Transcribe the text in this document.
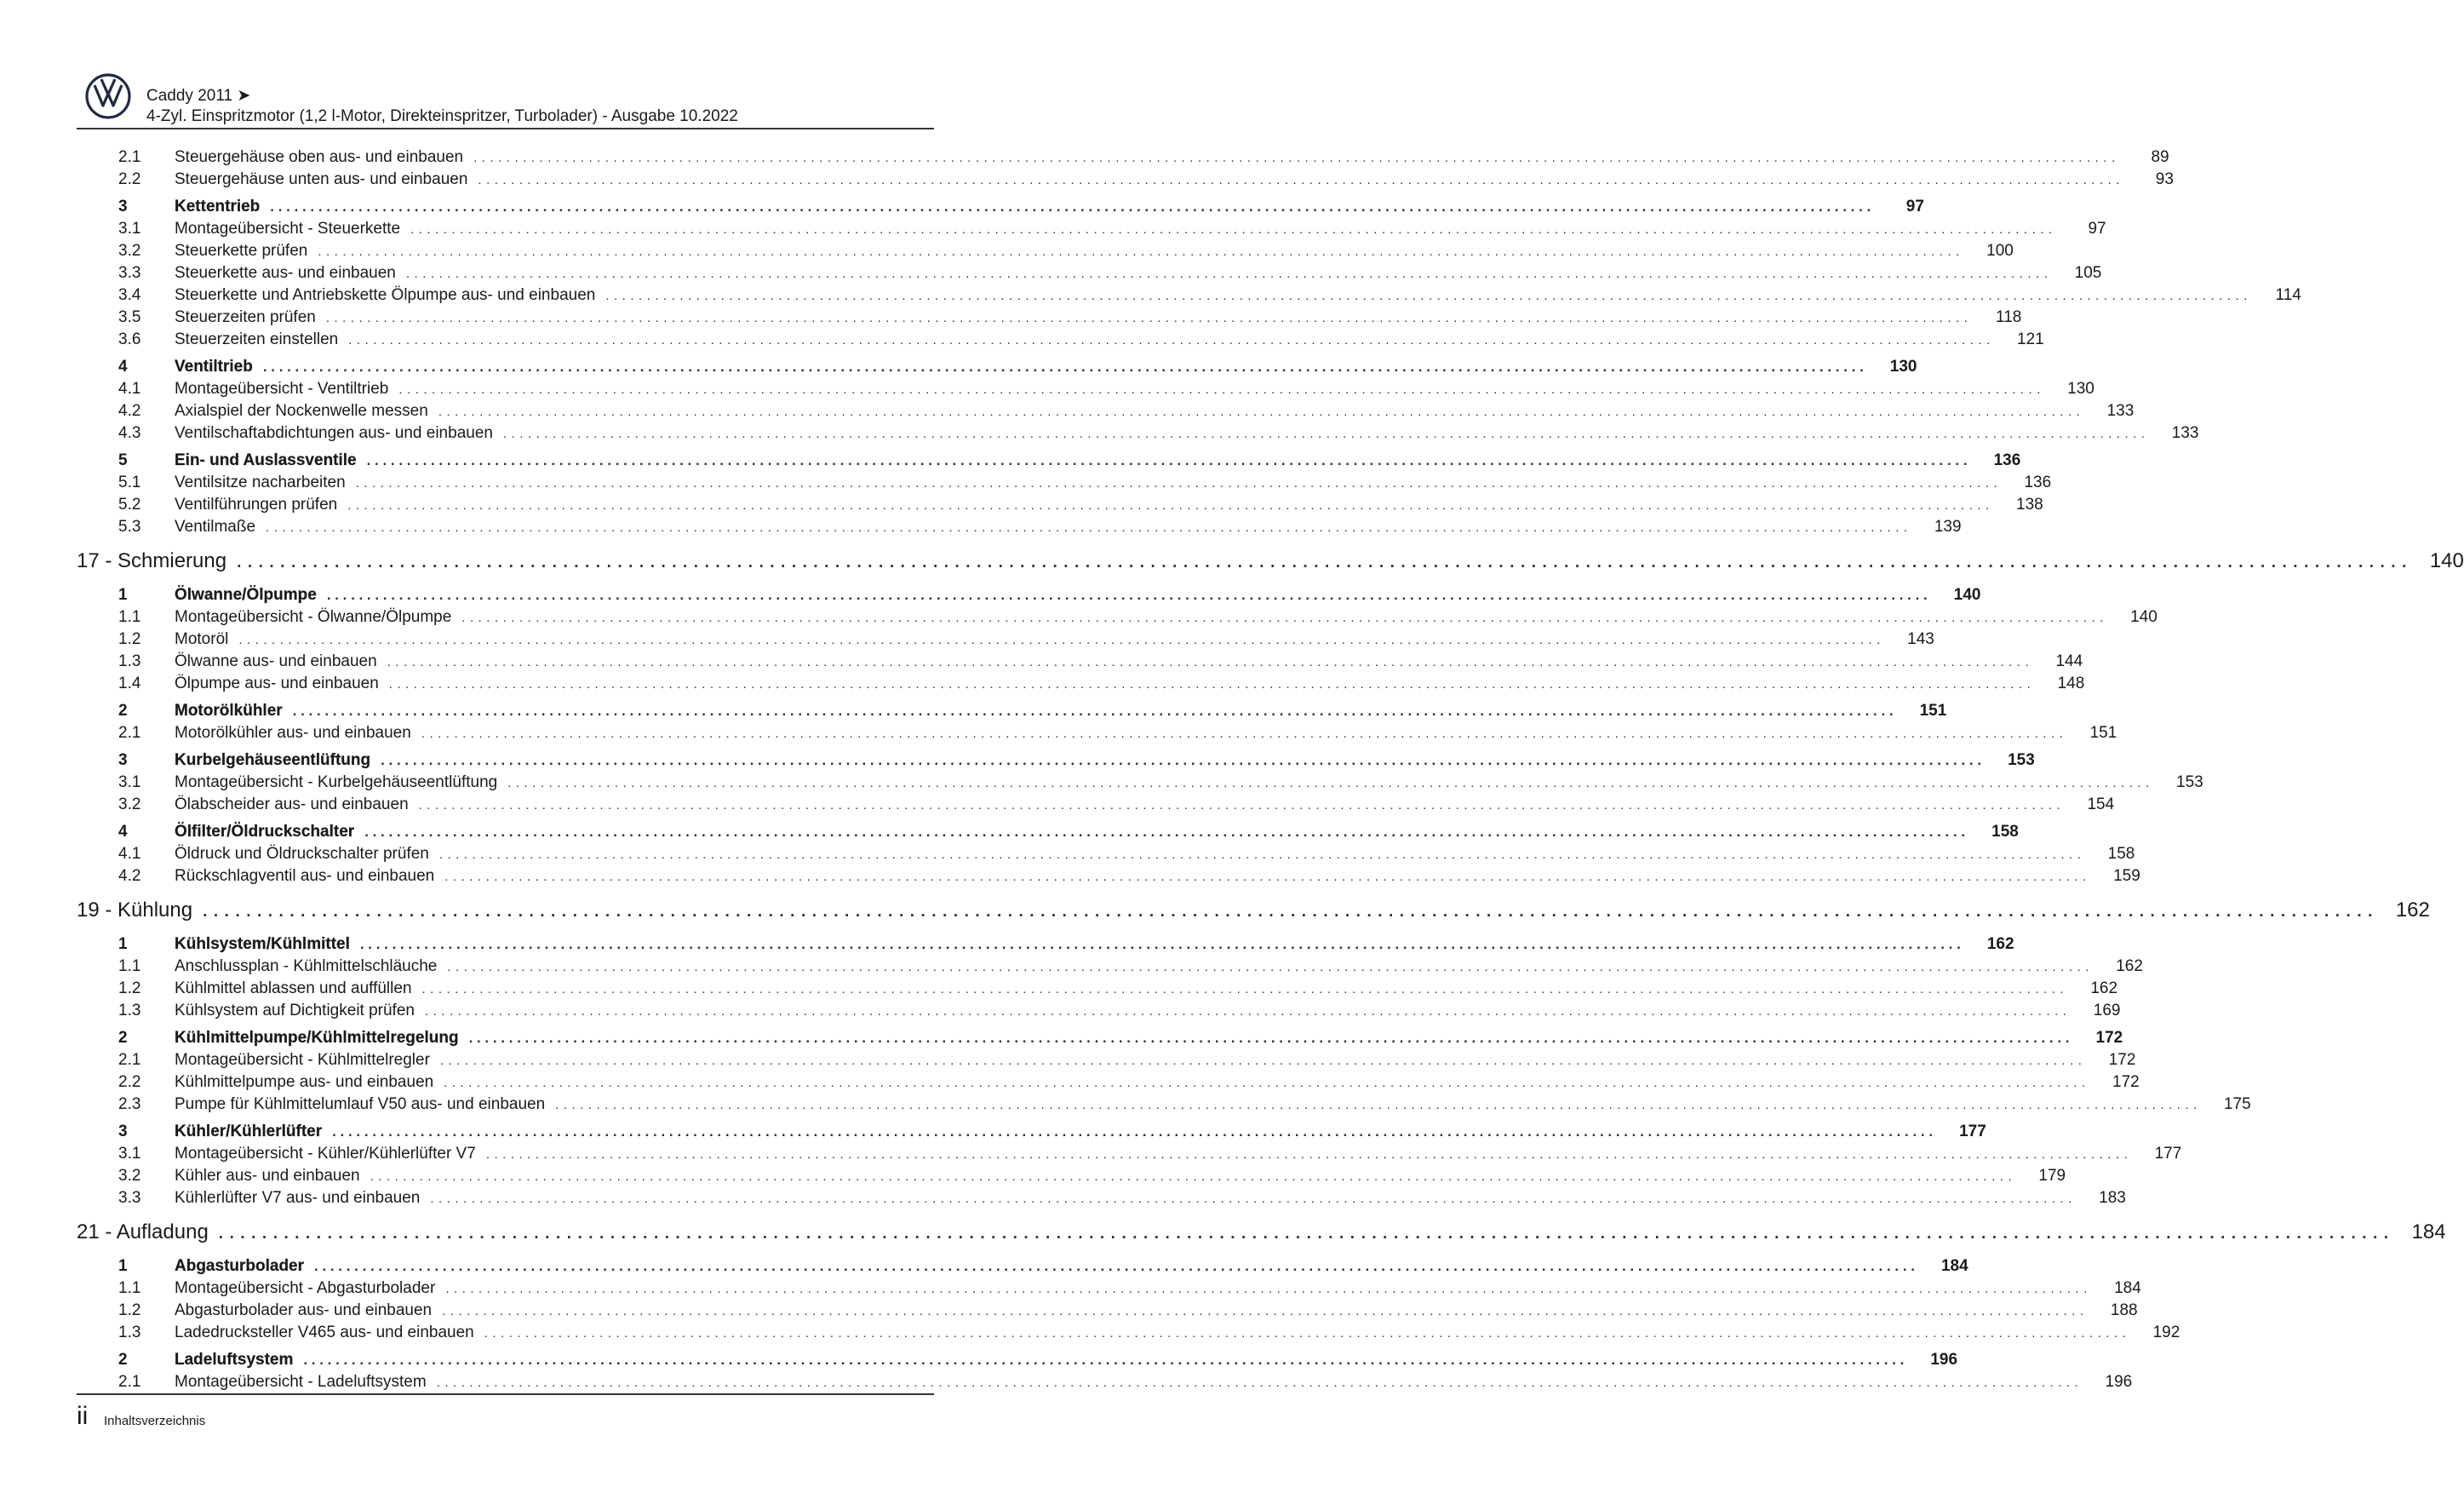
Caddy 2011 ➤
4-Zyl. Einspritzmotor (1,2 l-Motor, Direkteinspritzer, Turbolader) - Ausgabe 10.2022
2.1	Steuergehäuse oben aus- und einbauen ........................................................................................................................................................................................................	89
2.2	Steuergehäuse unten aus- und einbauen ........................................................................................................................................................................................................	93
3	Kettentrieb ........................................................................................................................................................................................................	97
3.1	Montageübersicht - Steuerkette ........................................................................................................................................................................................................	97
3.2	Steuerkette prüfen ........................................................................................................................................................................................................	100
3.3	Steuerkette aus- und einbauen ........................................................................................................................................................................................................	105
3.4	Steuerkette und Antriebskette Ölpumpe aus- und einbauen ........................................................................................................................................................................................................	114
3.5	Steuerzeiten prüfen ........................................................................................................................................................................................................	118
3.6	Steuerzeiten einstellen ........................................................................................................................................................................................................	121
4	Ventiltrieb ........................................................................................................................................................................................................	130
4.1	Montageübersicht - Ventiltrieb ........................................................................................................................................................................................................	130
4.2	Axialspiel der Nockenwelle messen ........................................................................................................................................................................................................	133
4.3	Ventilschaftabdichtungen aus- und einbauen ........................................................................................................................................................................................................	133
5	Ein- und Auslassventile ........................................................................................................................................................................................................	136
5.1	Ventilsitze nacharbeiten ........................................................................................................................................................................................................	136
5.2	Ventilführungen prüfen ........................................................................................................................................................................................................	138
5.3	Ventilmaße ........................................................................................................................................................................................................	139
17 - Schmierung ........................................................................................................................................................................................................ 140
1	Ölwanne/Ölpumpe ........................................................................................................................................................................................................	140
1.1	Montageübersicht - Ölwanne/Ölpumpe ........................................................................................................................................................................................................	140
1.2	Motoröl ........................................................................................................................................................................................................	143
1.3	Ölwanne aus- und einbauen ........................................................................................................................................................................................................	144
1.4	Ölpumpe aus- und einbauen ........................................................................................................................................................................................................	148
2	Motorölkühler ........................................................................................................................................................................................................	151
2.1	Motorölkühler aus- und einbauen ........................................................................................................................................................................................................	151
3	Kurbelgehäuseentlüftung ........................................................................................................................................................................................................	153
3.1	Montageübersicht - Kurbelgehäuseentlüftung ........................................................................................................................................................................................................	153
3.2	Ölabscheider aus- und einbauen ........................................................................................................................................................................................................	154
4	Ölfilter/Öldruckschalter ........................................................................................................................................................................................................	158
4.1	Öldruck und Öldruckschalter prüfen ........................................................................................................................................................................................................	158
4.2	Rückschlagventil aus- und einbauen ........................................................................................................................................................................................................	159
19 - Kühlung ........................................................................................................................................................................................................ 162
1	Kühlsystem/Kühlmittel ........................................................................................................................................................................................................	162
1.1	Anschlussplan - Kühlmittelschläuche ........................................................................................................................................................................................................	162
1.2	Kühlmittel ablassen und auffüllen ........................................................................................................................................................................................................	162
1.3	Kühlsystem auf Dichtigkeit prüfen ........................................................................................................................................................................................................	169
2	Kühlmittelpumpe/Kühlmittelregelung ........................................................................................................................................................................................................	172
2.1	Montageübersicht - Kühlmittelregler ........................................................................................................................................................................................................	172
2.2	Kühlmittelpumpe aus- und einbauen ........................................................................................................................................................................................................	172
2.3	Pumpe für Kühlmittelumlauf V50 aus- und einbauen ........................................................................................................................................................................................................	175
3	Kühler/Kühlerlüfter ........................................................................................................................................................................................................	177
3.1	Montageübersicht - Kühler/Kühlerlüfter V7 ........................................................................................................................................................................................................	177
3.2	Kühler aus- und einbauen ........................................................................................................................................................................................................	179
3.3	Kühlerlüfter V7 aus- und einbauen ........................................................................................................................................................................................................	183
21 - Aufladung ........................................................................................................................................................................................................ 184
1	Abgasturbolader ........................................................................................................................................................................................................	184
1.1	Montageübersicht - Abgasturbolader ........................................................................................................................................................................................................	184
1.2	Abgasturbolader aus- und einbauen ........................................................................................................................................................................................................	188
1.3	Ladedrucksteller V465 aus- und einbauen ........................................................................................................................................................................................................	192
2	Ladeluftsystem ........................................................................................................................................................................................................	196
2.1	Montageübersicht - Ladeluftsystem ........................................................................................................................................................................................................	196
ii Inhaltsverzeichnis
